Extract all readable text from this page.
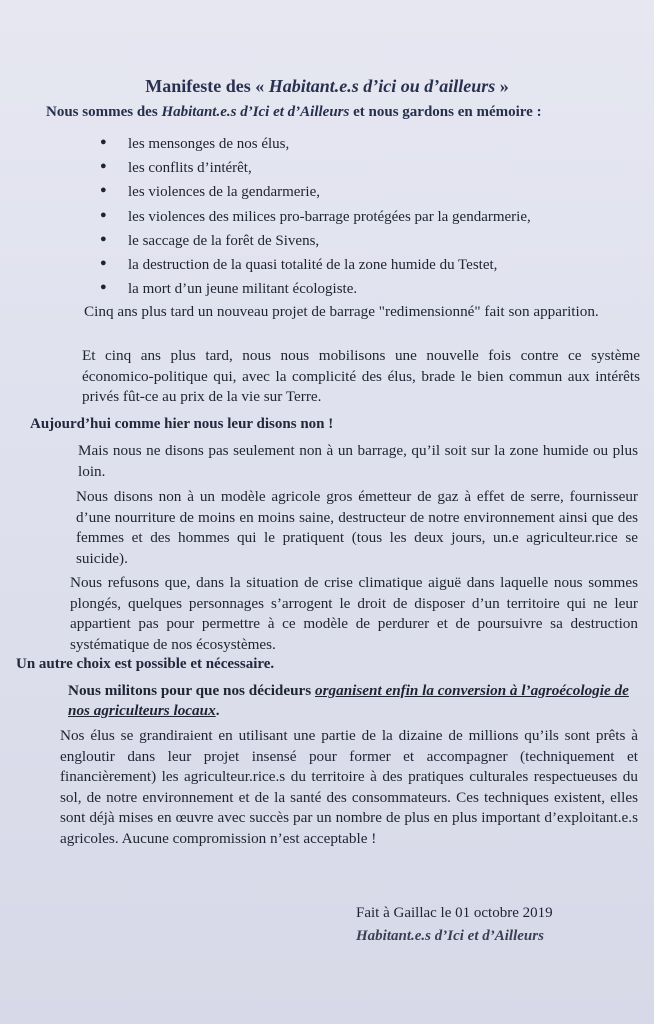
Manifeste des « Habitant.e.s d’ici ou d’ailleurs »
Nous sommes des Habitant.e.s d’Ici et d’Ailleurs et nous gardons en mémoire :
● les mensonges de nos élus,
● les conflits d’intérêt,
● les violences de la gendarmerie,
● les violences des milices pro-barrage protégées par la gendarmerie,
● le saccage de la forêt de Sivens,
● la destruction de la quasi totalité de la zone humide du Testet,
● la mort d’un jeune militant écologiste.

Cinq ans plus tard un nouveau projet de barrage "redimensionné" fait son apparition.

Et cinq ans plus tard, nous nous mobilisons une nouvelle fois contre ce système économico-politique qui, avec la complicité des élus, brade le bien commun aux intérêts privés fût-ce au prix de la vie sur Terre.

Aujourd’hui comme hier nous leur disons non !

Mais nous ne disons pas seulement non à un barrage, qu’il soit sur la zone humide ou plus loin.

Nous disons non à un modèle agricole gros émetteur de gaz à effet de serre, fournisseur d’une nourriture de moins en moins saine, destructeur de notre environnement ainsi que des femmes et des hommes qui le pratiquent (tous les deux jours, un.e agriculteur.rice se suicide).

Nous refusons que, dans la situation de crise climatique aiguë dans laquelle nous sommes plongés, quelques personnages s’arrogent le droit de disposer d’un territoire qui ne leur appartient pas pour permettre à ce modèle de perdurer et de poursuivre sa destruction systématique de nos écosystèmes.

Un autre choix est possible et nécessaire.
Nous militons pour que nos décideurs organisent enfin la conversion à l’agroécologie de nos agriculteurs locaux.

Nos élus se grandiraient en utilisant une partie de la dizaine de millions qu’ils sont prêts à engloutir dans leur projet insensé pour former et accompagner (techniquement et financièrement) les agriculteur.rice.s du territoire à des pratiques culturales respectueuses du sol, de notre environnement et de la santé des consommateurs. Ces techniques existent, elles sont déjà mises en œuvre avec succès par un nombre de plus en plus important d’exploitant.e.s agricoles. Aucune compromission n’est acceptable !

Fait à Gaillac le 01 octobre 2019
Habitant.e.s d’Ici et d’Ailleurs
